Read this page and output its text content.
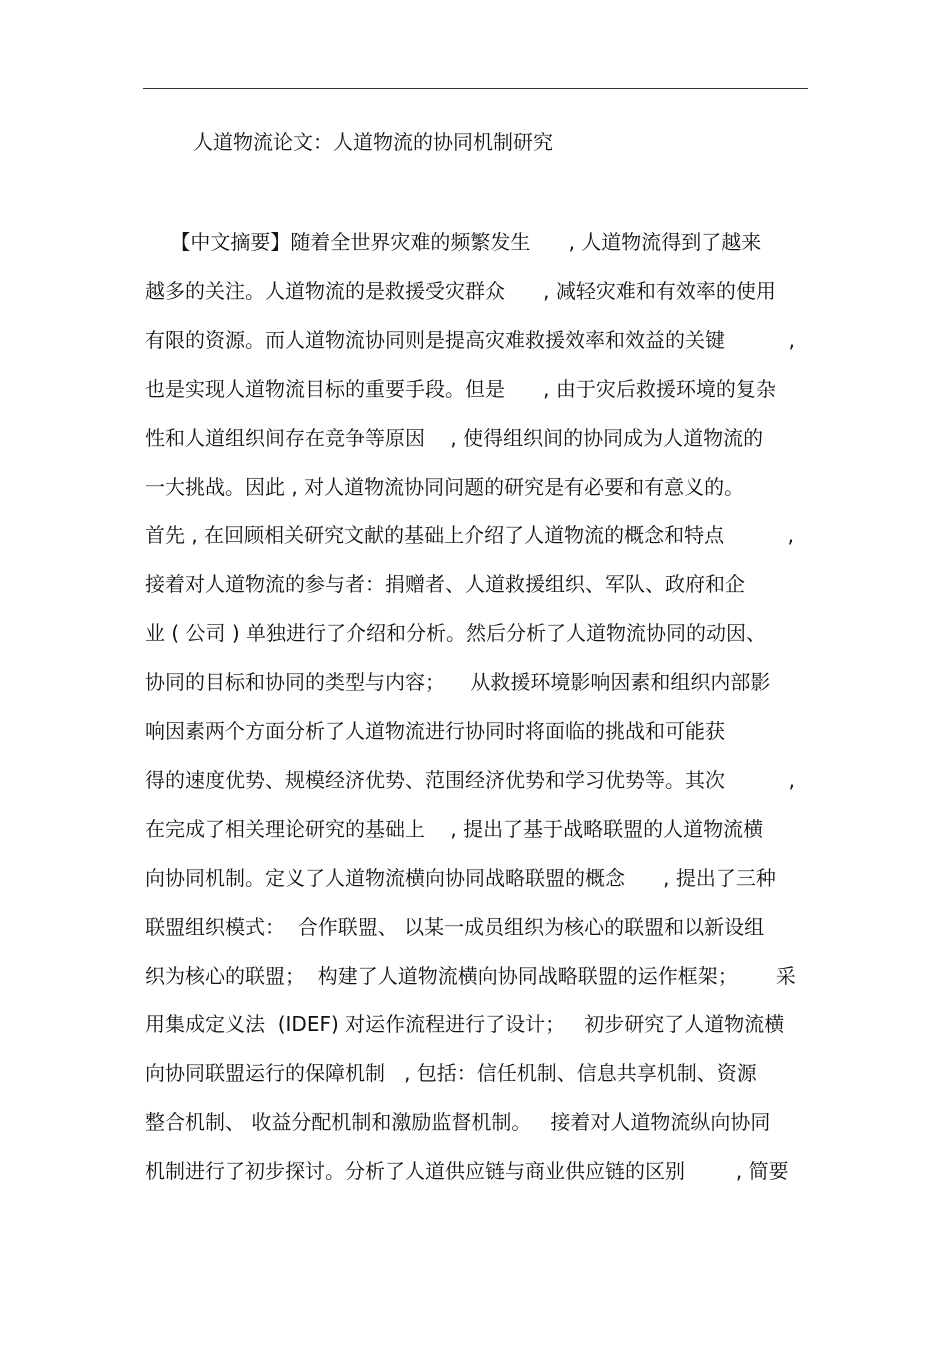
人道物流论文：人道物流的协同机制研究
【中文摘要】随着全世界灾难的频繁发生      , 人道物流得到了越来
越多的关注。人道物流的是救援受灾群众      , 减轻灾难和有效率的使用
有限的资源。而人道物流协同则是提高灾难救援效率和效益的关键          ,
也是实现人道物流目标的重要手段。但是      , 由于灾后救援环境的复杂
性和人道组织间存在竞争等原因    , 使得组织间的协同成为人道物流的
一大挑战。因此 , 对人道物流协同问题的研究是有必要和有意义的。
首先 , 在回顾相关研究文献的基础上介绍了人道物流的概念和特点          ,
接着对人道物流的参与者：捐赠者、人道救援组织、军队、政府和企
业 ( 公司 ) 单独进行了介绍和分析。然后分析了人道物流协同的动因、
协同的目标和协同的类型与内容；    从救援环境影响因素和组织内部影
响因素两个方面分析了人道物流进行协同时将面临的挑战和可能获
得的速度优势、规模经济优势、范围经济优势和学习优势等。其次          ,
在完成了相关理论研究的基础上    , 提出了基于战略联盟的人道物流横
向协同机制。定义了人道物流横向协同战略联盟的概念      , 提出了三种
联盟组织模式：  合作联盟、 以某一成员组织为核心的联盟和以新设组
织为核心的联盟；  构建了人道物流横向协同战略联盟的运作框架；      采
用集成定义法  (IDEF) 对运作流程进行了设计；   初步研究了人道物流横
向协同联盟运行的保障机制   , 包括：信任机制、信息共享机制、资源
整合机制、 收益分配机制和激励监督机制。   接着对人道物流纵向协同
机制进行了初步探讨。分析了人道供应链与商业供应链的区别        , 简要
